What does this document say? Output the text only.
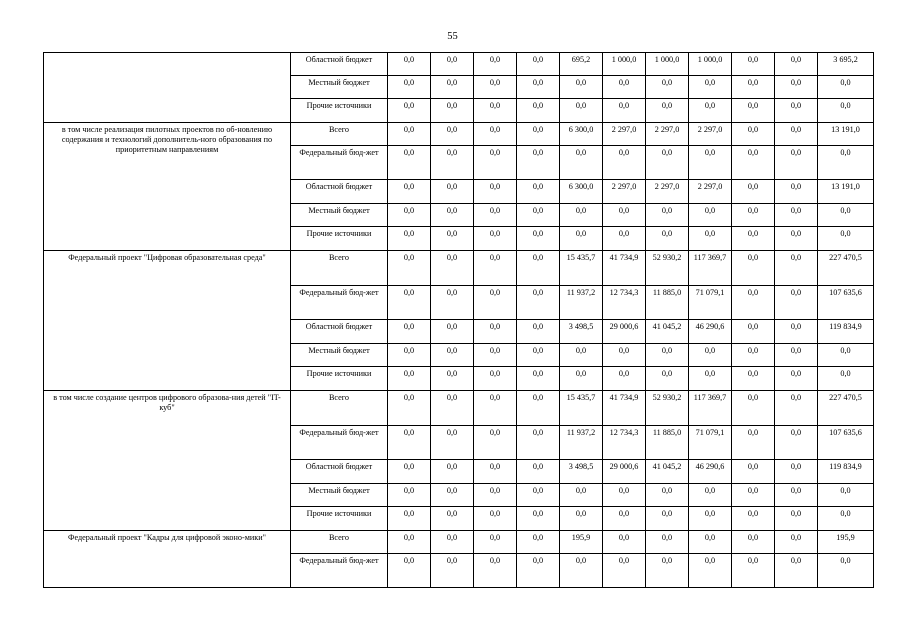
55
	Областной бюджет	0,0	0,0	0,0	0,0	695,2	1 000,0	1 000,0	1 000,0	0,0	0,0	3 695,2
	Местный бюджет	0,0	0,0	0,0	0,0	0,0	0,0	0,0	0,0	0,0	0,0	0,0
	Прочие источники	0,0	0,0	0,0	0,0	0,0	0,0	0,0	0,0	0,0	0,0	0,0
в том числе реализация пилотных проектов по об-новлению содержания и технологий дополнитель-ного образования по приоритетным направлениям	Всего	0,0	0,0	0,0	0,0	6 300,0	2 297,0	2 297,0	2 297,0	0,0	0,0	13 191,0
	Федеральный бюд-жет	0,0	0,0	0,0	0,0	0,0	0,0	0,0	0,0	0,0	0,0	0,0
	Областной бюджет	0,0	0,0	0,0	0,0	6 300,0	2 297,0	2 297,0	2 297,0	0,0	0,0	13 191,0
	Местный бюджет	0,0	0,0	0,0	0,0	0,0	0,0	0,0	0,0	0,0	0,0	0,0
	Прочие источники	0,0	0,0	0,0	0,0	0,0	0,0	0,0	0,0	0,0	0,0	0,0
Федеральный проект "Цифровая образовательная среда"	Всего	0,0	0,0	0,0	0,0	15 435,7	41 734,9	52 930,2	117 369,7	0,0	0,0	227 470,5
	Федеральный бюд-жет	0,0	0,0	0,0	0,0	11 937,2	12 734,3	11 885,0	71 079,1	0,0	0,0	107 635,6
	Областной бюджет	0,0	0,0	0,0	0,0	3 498,5	29 000,6	41 045,2	46 290,6	0,0	0,0	119 834,9
	Местный бюджет	0,0	0,0	0,0	0,0	0,0	0,0	0,0	0,0	0,0	0,0	0,0
	Прочие источники	0,0	0,0	0,0	0,0	0,0	0,0	0,0	0,0	0,0	0,0	0,0
в том числе создание центров цифрового образова-ния детей "IT-куб"	Всего	0,0	0,0	0,0	0,0	15 435,7	41 734,9	52 930,2	117 369,7	0,0	0,0	227 470,5
	Федеральный бюд-жет	0,0	0,0	0,0	0,0	11 937,2	12 734,3	11 885,0	71 079,1	0,0	0,0	107 635,6
	Областной бюджет	0,0	0,0	0,0	0,0	3 498,5	29 000,6	41 045,2	46 290,6	0,0	0,0	119 834,9
	Местный бюджет	0,0	0,0	0,0	0,0	0,0	0,0	0,0	0,0	0,0	0,0	0,0
	Прочие источники	0,0	0,0	0,0	0,0	0,0	0,0	0,0	0,0	0,0	0,0	0,0
Федеральный проект "Кадры для цифровой эконо-мики"	Всего	0,0	0,0	0,0	0,0	195,9	0,0	0,0	0,0	0,0	0,0	195,9
	Федеральный бюд-жет	0,0	0,0	0,0	0,0	0,0	0,0	0,0	0,0	0,0	0,0	0,0
